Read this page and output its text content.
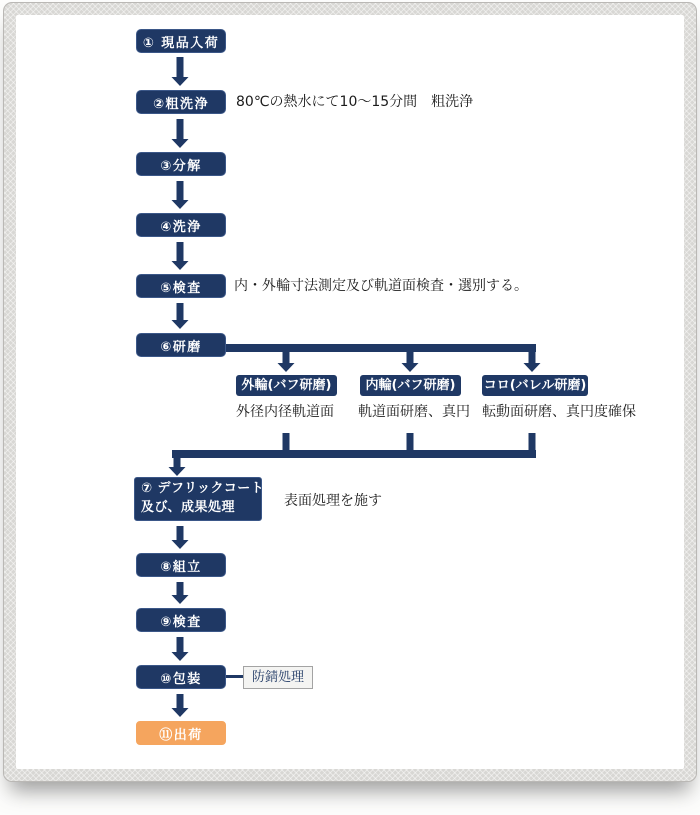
① 現品入荷
②粗洗浄
③分解
④洗浄
⑤検査
⑥研磨
⑦ デフリックコート
及び、成果処理
⑧組立
⑨検査
⑩包装
⑪出荷
80℃の熱水にて10〜15分間　粗洗浄
内・外輪寸法測定及び軌道面検査・選別する。
表面処理を施す
外輪(バフ研磨)	内輪(バフ研磨)	コロ(バレル研磨)
外径内径軌道面 軌道面研磨、真円 転動面研磨、真円度確保
防錆処理
